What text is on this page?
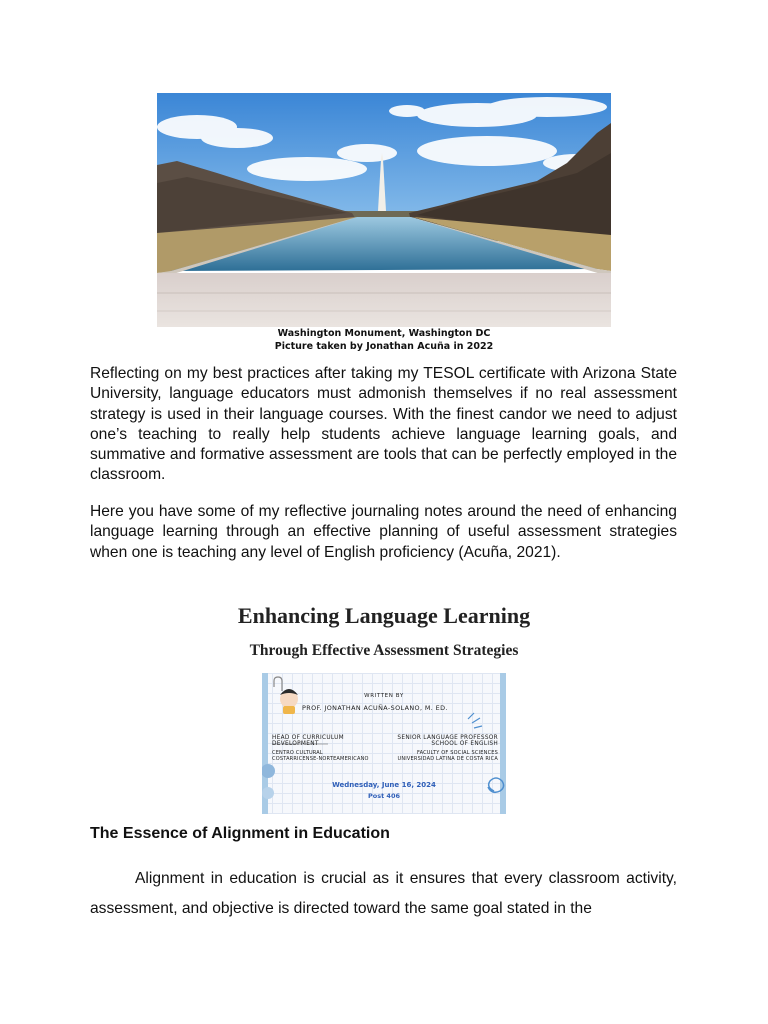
Washington Monument, Washington DC
Picture taken by Jonathan Acuña in 2022

Reflecting on my best practices after taking my TESOL certificate with Arizona State University, language educators must admonish themselves if no real assessment strategy is used in their language courses. With the finest candor we need to adjust one’s teaching to really help students achieve language learning goals, and summative and formative assessment are tools that can be perfectly employed in the classroom.

Here you have some of my reflective journaling notes around the need of enhancing language learning through an effective planning of useful assessment strategies when one is teaching any level of English proficiency (Acuña, 2021).

Enhancing Language Learning
Through Effective Assessment Strategies
WRITTEN BY
PROF. JONATHAN ACUÑA-SOLANO, M. ED.
HEAD OF CURRICULUM
DEVELOPMENT
CENTRO CULTURAL
COSTARRICENSE-NORTEAMERICANO
SENIOR LANGUAGE PROFESSOR
SCHOOL OF ENGLISH
FACULTY OF SOCIAL SCIENCES
UNIVERSIDAD LATINA DE COSTA RICA
Wednesday, June 16, 2024
Post 406
The Essence of Alignment in Education

Alignment in education is crucial as it ensures that every classroom activity, assessment, and objective is directed toward the same goal stated in the
